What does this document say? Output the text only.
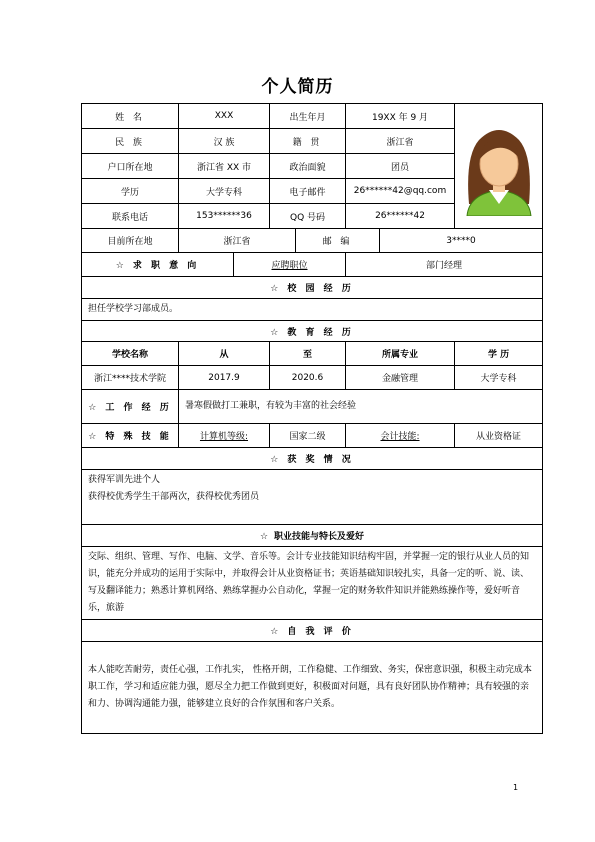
个人简历
姓 名	XXX		出生年月		19XX 年 9 月	

民 族	汉 族		籍 贯		浙江省		
户口所在地	浙江省 XX 市		政治面貌		团员		
学历	大学专科		电子邮件		26******42@qq.com		
联系电话	153******36		QQ 号码		26******42		
目前所在地	浙江省			邮 编		3****0	
☆ 求 职 意 向		应聘职位			部门经理		
☆ 校 园 经 历							
担任学校学习部成员。							
☆ 教 育 经 历							
学校名称	从		至		所属专业		学 历
浙江****技术学院	2017.9		2020.6		金融管理		大学专科
☆ 工 作 经 历	暑寒假做打工兼职，有较为丰富的社会经验						
☆ 特 殊 技 能	计算机等级:		国家二级		会计技能:		从业资格证
☆ 获 奖 情 况							

获得军训先进个人
获得校优秀学生干部两次，获得校优秀团员							

☆ 职业技能与特长及爱好							
交际、组织、管理、写作、电脑、文学、音乐等。会计专业技能知识结构牢固，并掌握一定的银行从业人员的知识，能充分并成功的运用于实际中，并取得会计从业资格证书；英语基础知识较扎实，具备一定的听、说、读、写及翻译能力；熟悉计算机网络、熟练掌握办公自动化，掌握一定的财务软件知识并能熟练操作等，爱好听音乐，旅游							
☆ 自 我 评 价							
本人能吃苦耐劳，责任心强，工作扎实， 性格开朗，工作稳健、工作细致、务实，保密意识强，积极主动完成本职工作，学习和适应能力强，愿尽全力把工作做到更好，积极面对问题，具有良好团队协作精神；具有较强的亲和力、协调沟通能力强，能够建立良好的合作氛围和客户关系。							
1
